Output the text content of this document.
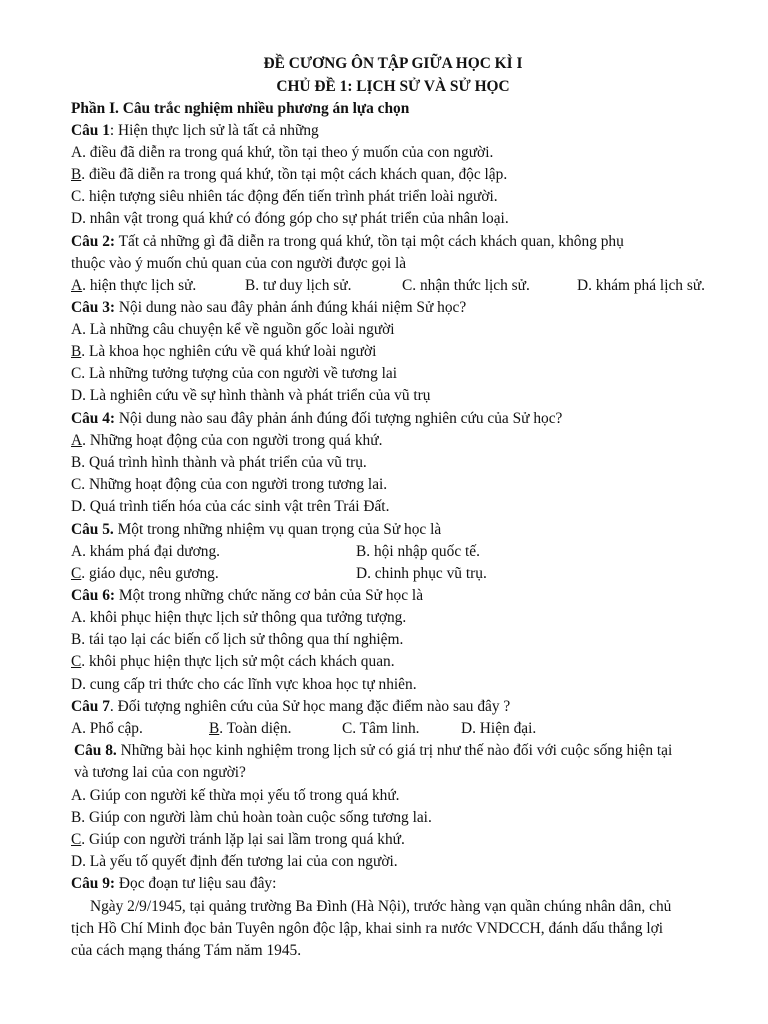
ĐỀ CƯƠNG ÔN TẬP GIỮA HỌC KÌ I
CHỦ ĐỀ 1: LỊCH SỬ VÀ SỬ HỌC
Phần I. Câu trắc nghiệm nhiều phương án lựa chọn
Câu 1: Hiện thực lịch sử là tất cả những
A. điều đã diễn ra trong quá khứ, tồn tại theo ý muốn của con người.
B. điều đã diễn ra trong quá khứ, tồn tại một cách khách quan, độc lập.
C. hiện tượng siêu nhiên tác động đến tiến trình phát triển loài người.
D. nhân vật trong quá khứ có đóng góp cho sự phát triển của nhân loại.
Câu 2: Tất cả những gì đã diễn ra trong quá khứ, tồn tại một cách khách quan, không phụ
thuộc vào ý muốn chủ quan của con người được gọi là
A. hiện thực lịch sử.	B. tư duy lịch sử.	C. nhận thức lịch sử.	D. khám phá lịch sử.
Câu 3: Nội dung nào sau đây phản ánh đúng khái niệm Sử học?
A. Là những câu chuyện kể về nguồn gốc loài người
B. Là khoa học nghiên cứu về quá khứ loài người
C. Là những tưởng tượng của con người về tương lai
D. Là nghiên cứu về sự hình thành và phát triển của vũ trụ
Câu 4: Nội dung nào sau đây phản ánh đúng đối tượng nghiên cứu của Sử học?
A. Những hoạt động của con người trong quá khứ.
B. Quá trình hình thành và phát triển của vũ trụ.
C. Những hoạt động của con người trong tương lai.
D. Quá trình tiến hóa của các sinh vật trên Trái Đất.
Câu 5. Một trong những nhiệm vụ quan trọng của Sử học là
A. khám phá đại dương.	B. hội nhập quốc tế.
C. giáo dục, nêu gương.	D. chinh phục vũ trụ.
Câu 6: Một trong những chức năng cơ bản của Sử học là
A. khôi phục hiện thực lịch sử thông qua tưởng tượng.
B. tái tạo lại các biến cố lịch sử thông qua thí nghiệm.
C. khôi phục hiện thực lịch sử một cách khách quan.
D. cung cấp tri thức cho các lĩnh vực khoa học tự nhiên.
Câu 7. Đối tượng nghiên cứu của Sử học mang đặc điểm nào sau đây ?
A. Phổ cập.	B. Toàn diện.	C. Tâm linh.	D. Hiện đại.
Câu 8. Những bài học kinh nghiệm trong lịch sử có giá trị như thế nào đối với cuộc sống hiện tại
và tương lai của con người?
A. Giúp con người kế thừa mọi yếu tố trong quá khứ.
B. Giúp con người làm chủ hoàn toàn cuộc sống tương lai.
C. Giúp con người tránh lặp lại sai lầm trong quá khứ.
D. Là yếu tố quyết định đến tương lai của con người.
Câu 9: Đọc đoạn tư liệu sau đây:
Ngày 2/9/1945, tại quảng trường Ba Đình (Hà Nội), trước hàng vạn quần chúng nhân dân, chủ
tịch Hồ Chí Minh đọc bản Tuyên ngôn độc lập, khai sinh ra nước VNDCCH, đánh dấu thắng lợi
của cách mạng tháng Tám năm 1945.
